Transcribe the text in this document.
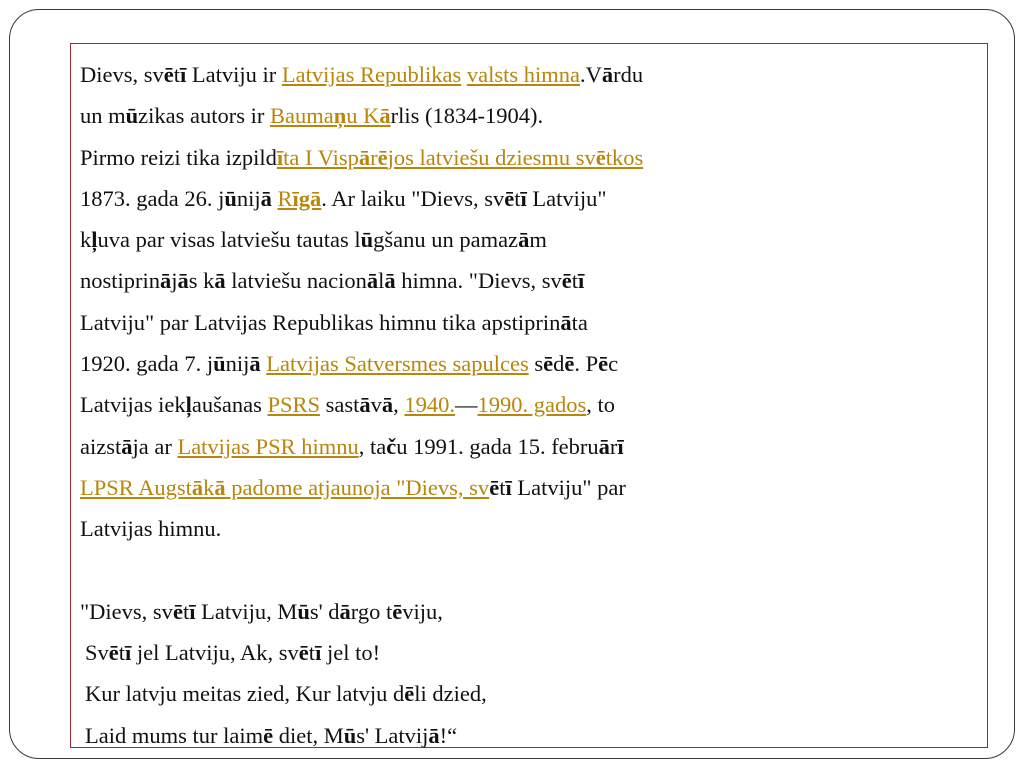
Dievs, svētī Latviju ir Latvijas Republikas valsts himna.Vārdu
un mūzikas autors ir Baumaņu Kārlis (1834-1904).
Pirmo reizi tika izpildīta I Vispārējos latviešu dziesmu svētkos
1873. gada 26. jūnijā Rīgā. Ar laiku "Dievs, svētī Latviju"
kļuva par visas latviešu tautas lūgšanu un pamazām
nostiprinājās kā latviešu nacionālā himna. "Dievs, svētī
Latviju" par Latvijas Republikas himnu tika apstiprināta
1920. gada 7. jūnijā Latvijas Satversmes sapulces sēdē. Pēc
Latvijas iekļaušanas PSRS sastāvā, 1940.—1990. gados, to
aizstāja ar Latvijas PSR himnu, taču 1991. gada 15. februārī
LPSR Augstākā padome atjaunoja "Dievs, svētī Latviju" par
Latvijas himnu.
"Dievs, svētī Latviju, Mūs' dārgo tēviju,
Svētī jel Latviju, Ak, svētī jel to!
Kur latvju meitas zied, Kur latvju dēli dzied,
Laid mums tur laimē diet, Mūs' Latvijā!“
